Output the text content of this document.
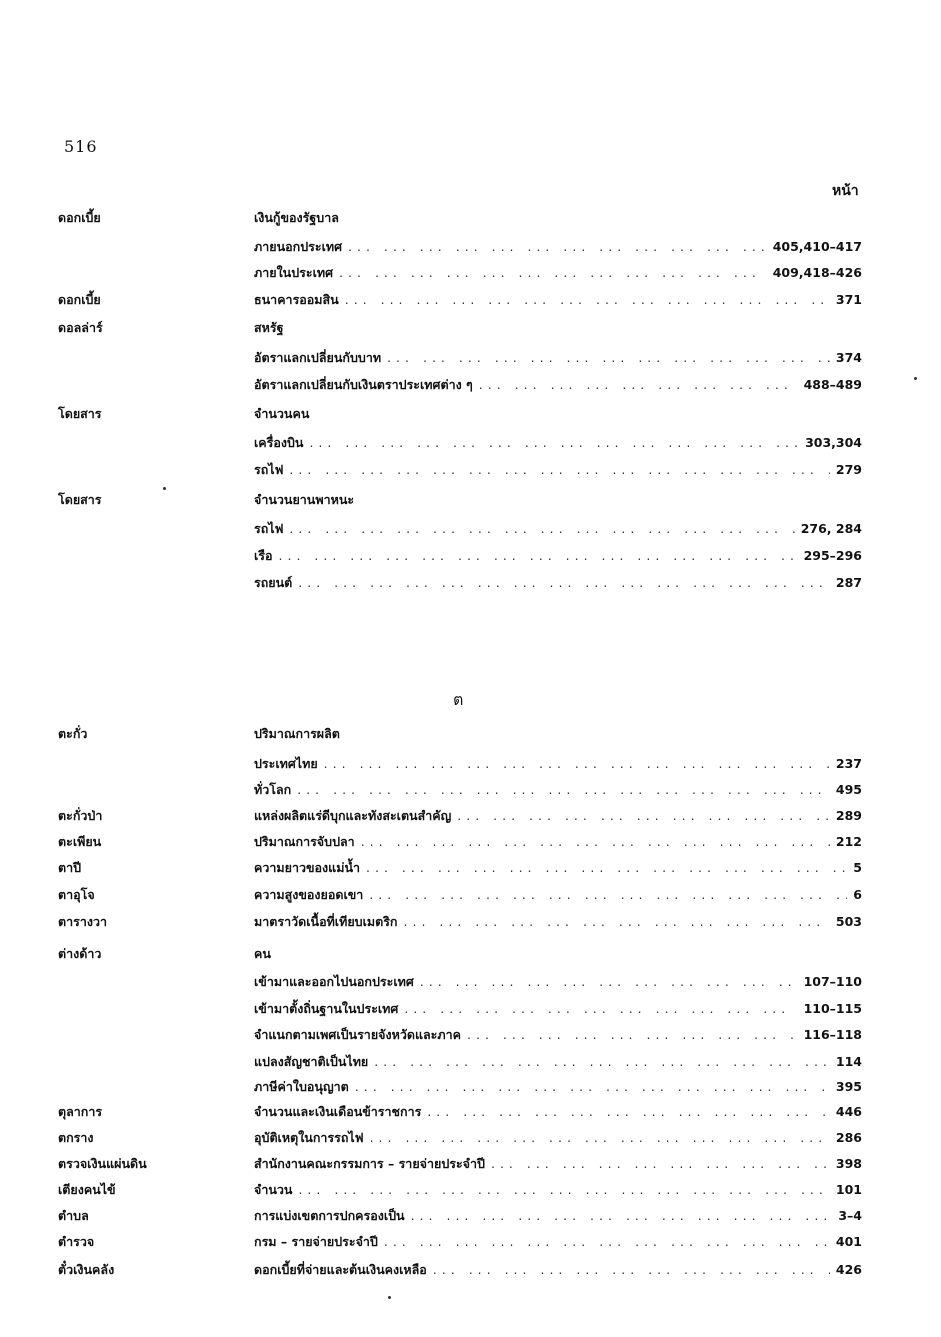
516
หน้า
ต
ดอกเบี้ย	เงินกู้ของรัฐบาล
ภายนอกประเทศ ... .	405,410–417
ภายในประเทศ ... .	409,418–426
ดอกเบี้ย	ธนาคารออมสิน ... .	371
ดอลล่าร์	สหรัฐ
อัตราแลกเปลี่ยนกับบาท ... .	374
อัตราแลกเปลี่ยนกับเงินตราประเทศต่าง ๆ ... .	488–489
โดยสาร	จำนวนคน
เครื่องบิน ... .	303,304
รถไฟ ... .	279
โดยสาร	จำนวนยานพาหนะ
รถไฟ ... .	276, 284
เรือ ... .	295–296
รถยนต์ ... .	287
ตะกั่ว	ปริมาณการผลิต
ประเทศไทย ... .	237
ทั่วโลก ... .	495
ตะกั่วป่า	แหล่งผลิตแร่ดีบุกและทังสะเตนสำคัญ ... .	289
ตะเพียน	ปริมาณการจับปลา ... .	212
ตาปี	ความยาวของแม่น้ำ ... .	5
ตาอุโจ	ความสูงของยอดเขา ... .	6
ตารางวา	มาตราวัดเนื้อที่เทียบเมตริก ... .	503
ต่างด้าว	คน
เข้ามาและออกไปนอกประเทศ ... .	107–110
เข้ามาตั้งถิ่นฐานในประเทศ ... .	110–115
จำแนกตามเพศเป็นรายจังหวัดและภาค ... .	116–118
แปลงสัญชาติเป็นไทย ... .	114
ภาษีค่าใบอนุญาต ... .	395
ตุลาการ	จำนวนและเงินเดือนข้าราชการ ... .	446
ตกราง	อุบัติเหตุในการรถไฟ ... .	286
ตรวจเงินแผ่นดิน	สำนักงานคณะกรรมการ – รายจ่ายประจำปี ... .	398
เตียงคนไข้	จำนวน ... .	101
ตำบล	การแบ่งเขตการปกครองเป็น ... .	3–4
ตำรวจ	กรม – รายจ่ายประจำปี ... .	401
ตั๋วเงินคลัง	ดอกเบี้ยที่จ่ายและต้นเงินคงเหลือ ... .	426
